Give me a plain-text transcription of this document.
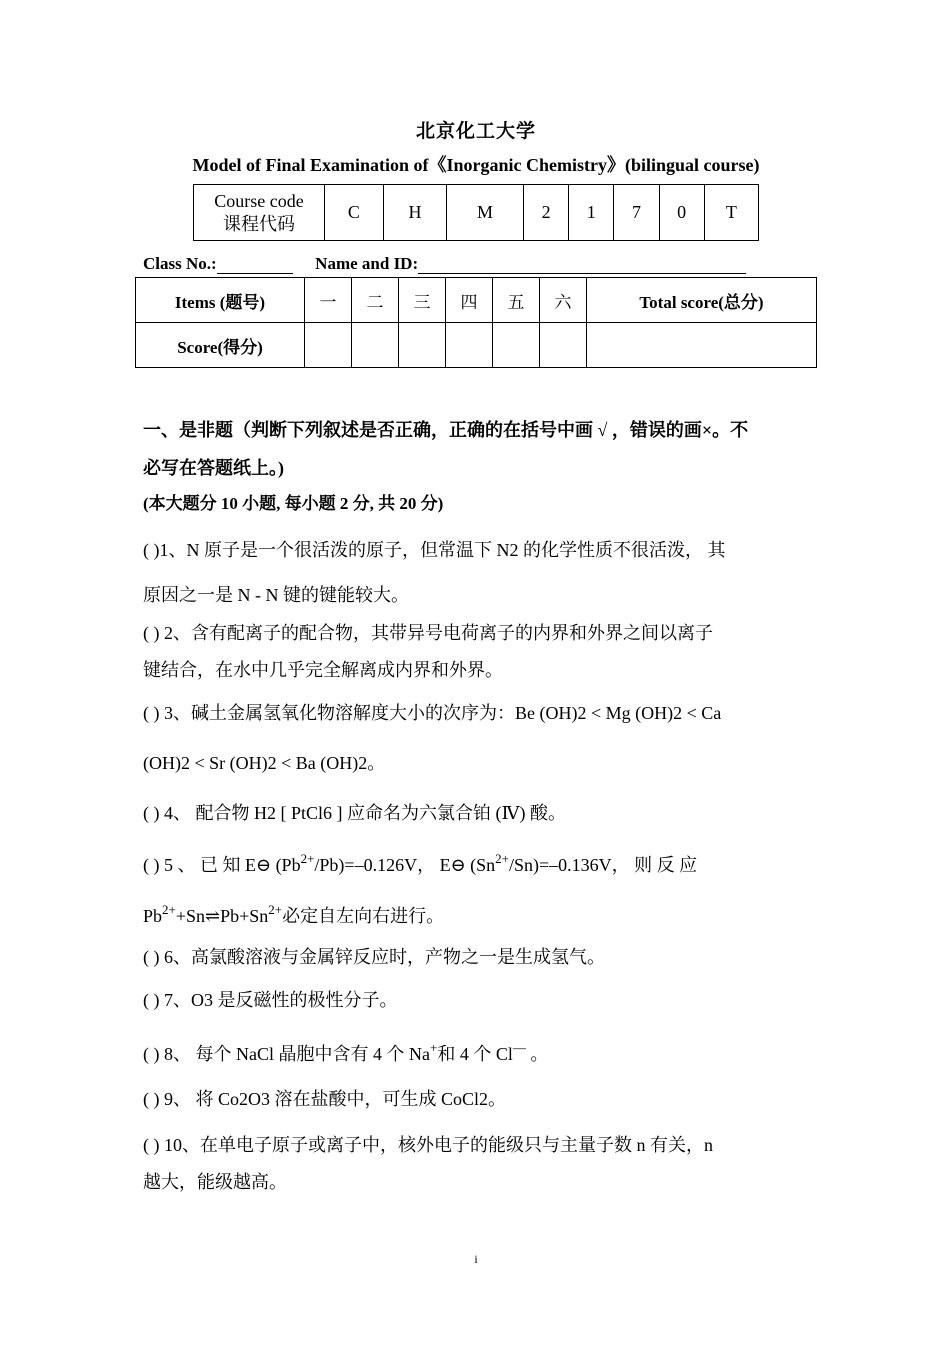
北京化工大学
Model of Final Examination of《Inorganic Chemistry》(bilingual course)
Course code
课程代码
	C	H	M	2	1	7	0	T
Class No.:	Name and ID:
Items (题号)	一	二	三	四	五	六	Total score(总分)
Score(得分)							
一、是非题（判断下列叙述是否正确，正确的在括号中画 √ ，错误的画×。不
必写在答题纸上。)
(本大题分 10 小题, 每小题 2 分, 共 20 分)
( )1、N 原子是一个很活泼的原子，但常温下 N2 的化学性质不很活泼， 其
原因之一是 N - N 键的键能较大。
( ) 2、含有配离子的配合物，其带异号电荷离子的内界和外界之间以离子
键结合，在水中几乎完全解离成内界和外界。
( ) 3、碱土金属氢氧化物溶解度大小的次序为：Be (OH)2 < Mg (OH)2 < Ca
(OH)2 < Sr (OH)2 < Ba (OH)2。
( ) 4、 配合物 H2 [ PtCl6 ] 应命名为六氯合铂 (Ⅳ) 酸。
( ) 5 、 已 知 E⊖ $(Pb^{2+}/Pb)=-0.126V$， E⊖ $(Sn^{2+}/Sn)=-0.136V$， 则 反 应
$Pb^{2+}+Sn\rightleftharpoons Pb+Sn^{2+}$必定自左向右进行。
( ) 6、高氯酸溶液与金属锌反应时，产物之一是生成氢气。
( ) 7、O3 是反磁性的极性分子。
( ) 8、 每个 NaCl 晶胞中含有 4 个 Na+和 4 个 Cl— 。
( ) 9、 将 Co2O3 溶在盐酸中，可生成 CoCl2。
( ) 10、在单电子原子或离子中，核外电子的能级只与主量子数 n 有关，n
越大，能级越高。
i
